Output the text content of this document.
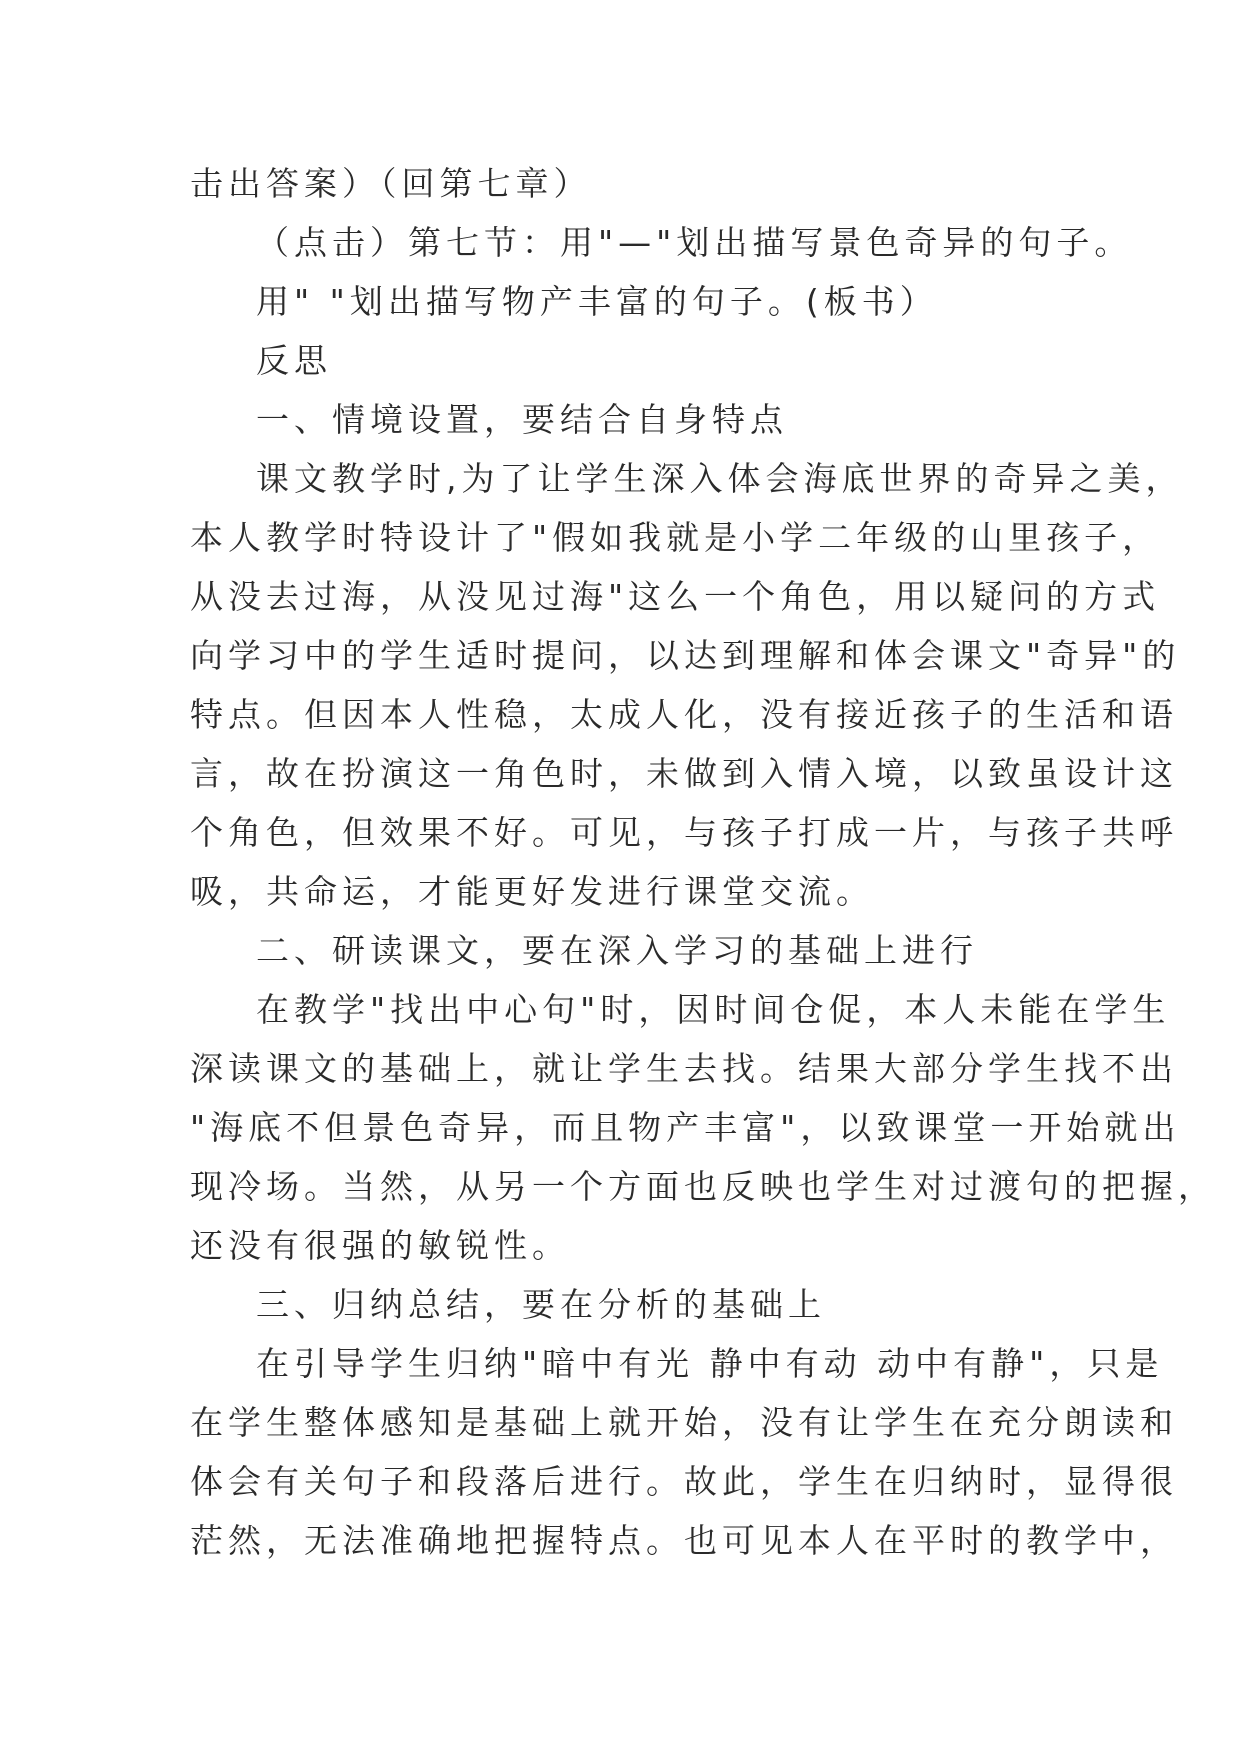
击出答案）（回第七章）
（点击）第七节：用"—"划出描写景色奇异的句子。
用" "划出描写物产丰富的句子。(板书）
反思
一、情境设置，要结合自身特点
课文教学时,为了让学生深入体会海底世界的奇异之美，
本人教学时特设计了"假如我就是小学二年级的山里孩子，
从没去过海，从没见过海"这么一个角色，用以疑问的方式
向学习中的学生适时提问，以达到理解和体会课文"奇异"的
特点。但因本人性稳，太成人化，没有接近孩子的生活和语
言，故在扮演这一角色时，未做到入情入境，以致虽设计这
个角色，但效果不好。可见，与孩子打成一片，与孩子共呼
吸，共命运，才能更好发进行课堂交流。
二、研读课文，要在深入学习的基础上进行
在教学"找出中心句"时，因时间仓促，本人未能在学生
深读课文的基础上，就让学生去找。结果大部分学生找不出
"海底不但景色奇异，而且物产丰富"，以致课堂一开始就出
现冷场。当然，从另一个方面也反映也学生对过渡句的把握，
还没有很强的敏锐性。
三、归纳总结，要在分析的基础上
在引导学生归纳"暗中有光 静中有动 动中有静"，只是
在学生整体感知是基础上就开始，没有让学生在充分朗读和
体会有关句子和段落后进行。故此，学生在归纳时，显得很
茫然，无法准确地把握特点。也可见本人在平时的教学中，
